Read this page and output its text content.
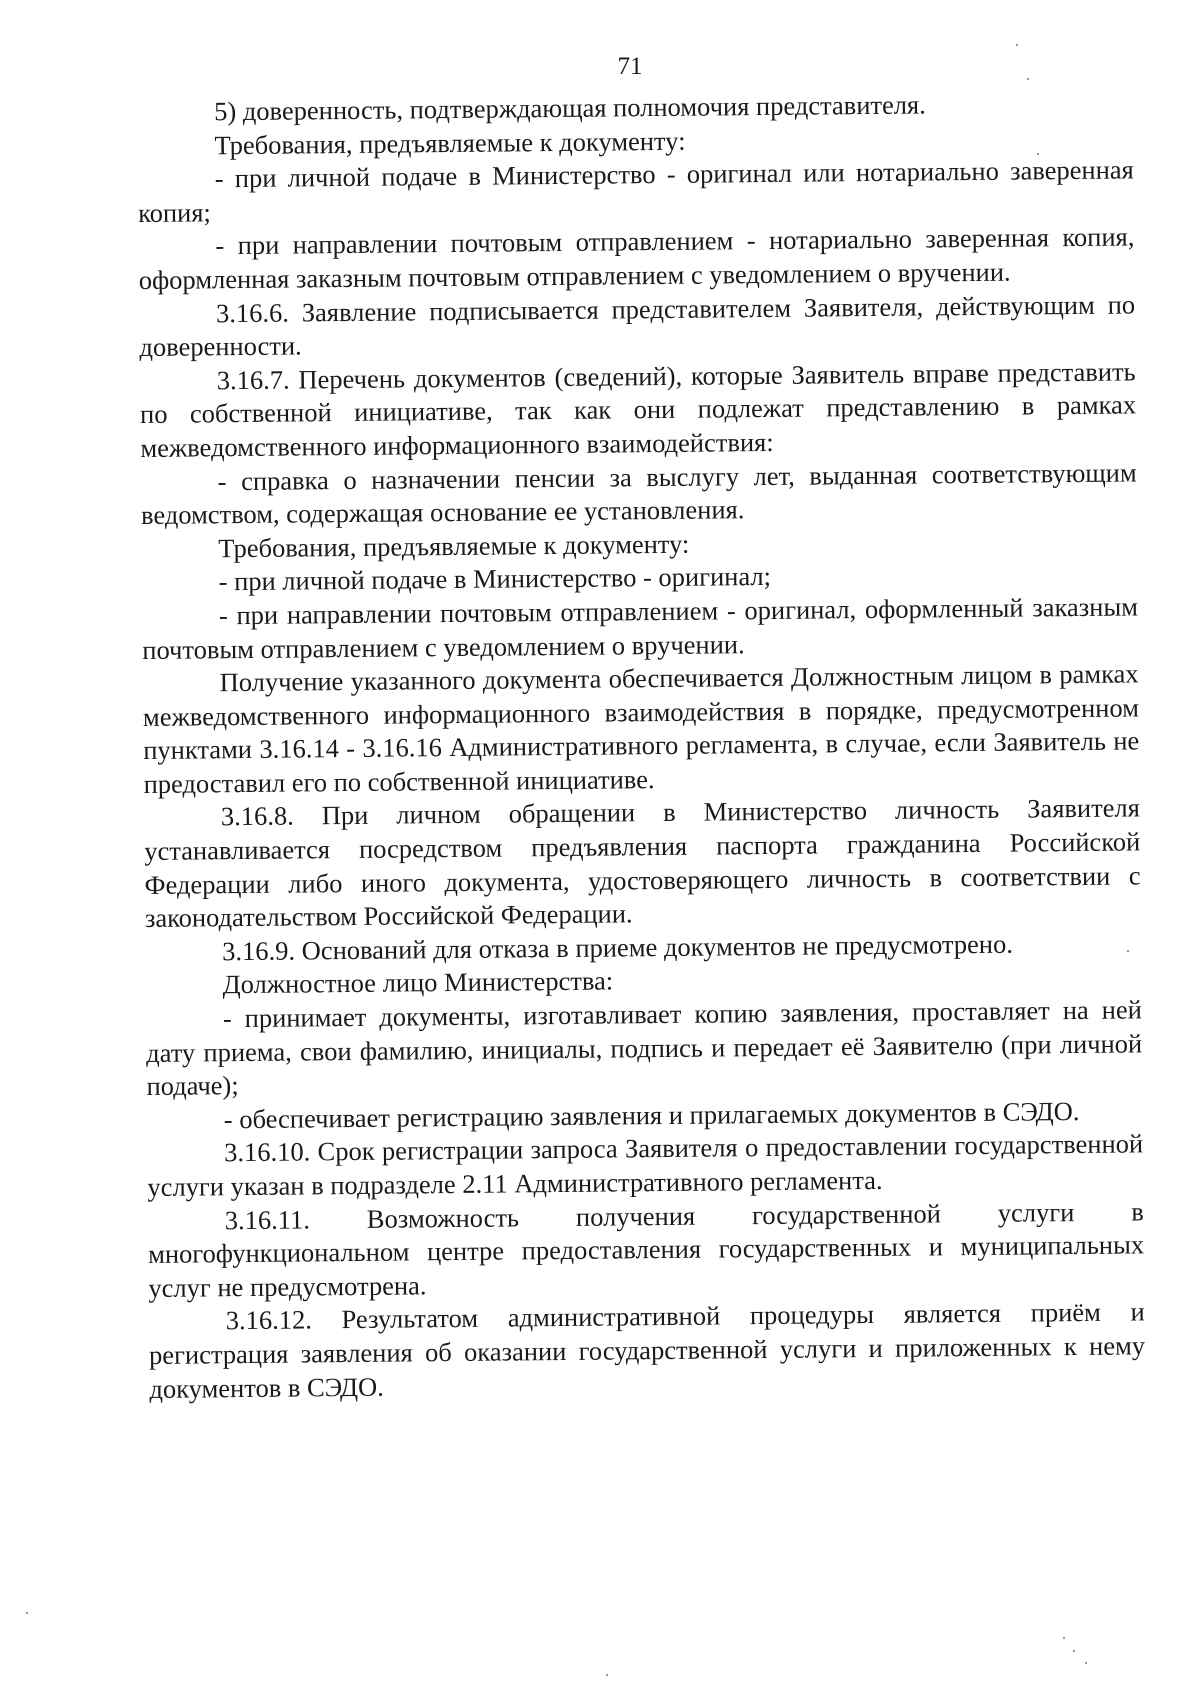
71

5) доверенность, подтверждающая полномочия представителя.

Требования, предъявляемые к документу:

- при личной подаче в Министерство - оригинал или нотариально заверенная копия;

- при направлении почтовым отправлением - нотариально заверенная копия, оформленная заказным почтовым отправлением с уведомлением о вручении.

3.16.6. Заявление подписывается представителем Заявителя, действующим по доверенности.

3.16.7. Перечень документов (сведений), которые Заявитель вправе представить по собственной инициативе, так как они подлежат представлению в рамках межведомственного информационного взаимодействия:

- справка о назначении пенсии за выслугу лет, выданная соответствующим ведомством, содержащая основание ее установления.

Требования, предъявляемые к документу:

- при личной подаче в Министерство - оригинал;

- при направлении почтовым отправлением - оригинал, оформленный заказным почтовым отправлением с уведомлением о вручении.

Получение указанного документа обеспечивается Должностным лицом в рамках межведомственного информационного взаимодействия в порядке, предусмотренном пунктами 3.16.14 - 3.16.16 Административного регламента, в случае, если Заявитель не предоставил его по собственной инициативе.

3.16.8. При личном обращении в Министерство личность Заявителя устанавливается посредством предъявления паспорта гражданина Российской Федерации либо иного документа, удостоверяющего личность в соответствии с законодательством Российской Федерации.

3.16.9. Оснований для отказа в приеме документов не предусмотрено.

Должностное лицо Министерства:

- принимает документы, изготавливает копию заявления, проставляет на ней дату приема, свои фамилию, инициалы, подпись и передает её Заявителю (при личной подаче);

- обеспечивает регистрацию заявления и прилагаемых документов в СЭДО.

3.16.10. Срок регистрации запроса Заявителя о предоставлении государственной услуги указан в подразделе 2.11 Административного регламента.

3.16.11. Возможность получения государственной услуги в многофункциональном центре предоставления государственных и муниципальных услуг не предусмотрена.

3.16.12. Результатом административной процедуры является приём и регистрация заявления об оказании государственной услуги и приложенных к нему документов в СЭДО.
